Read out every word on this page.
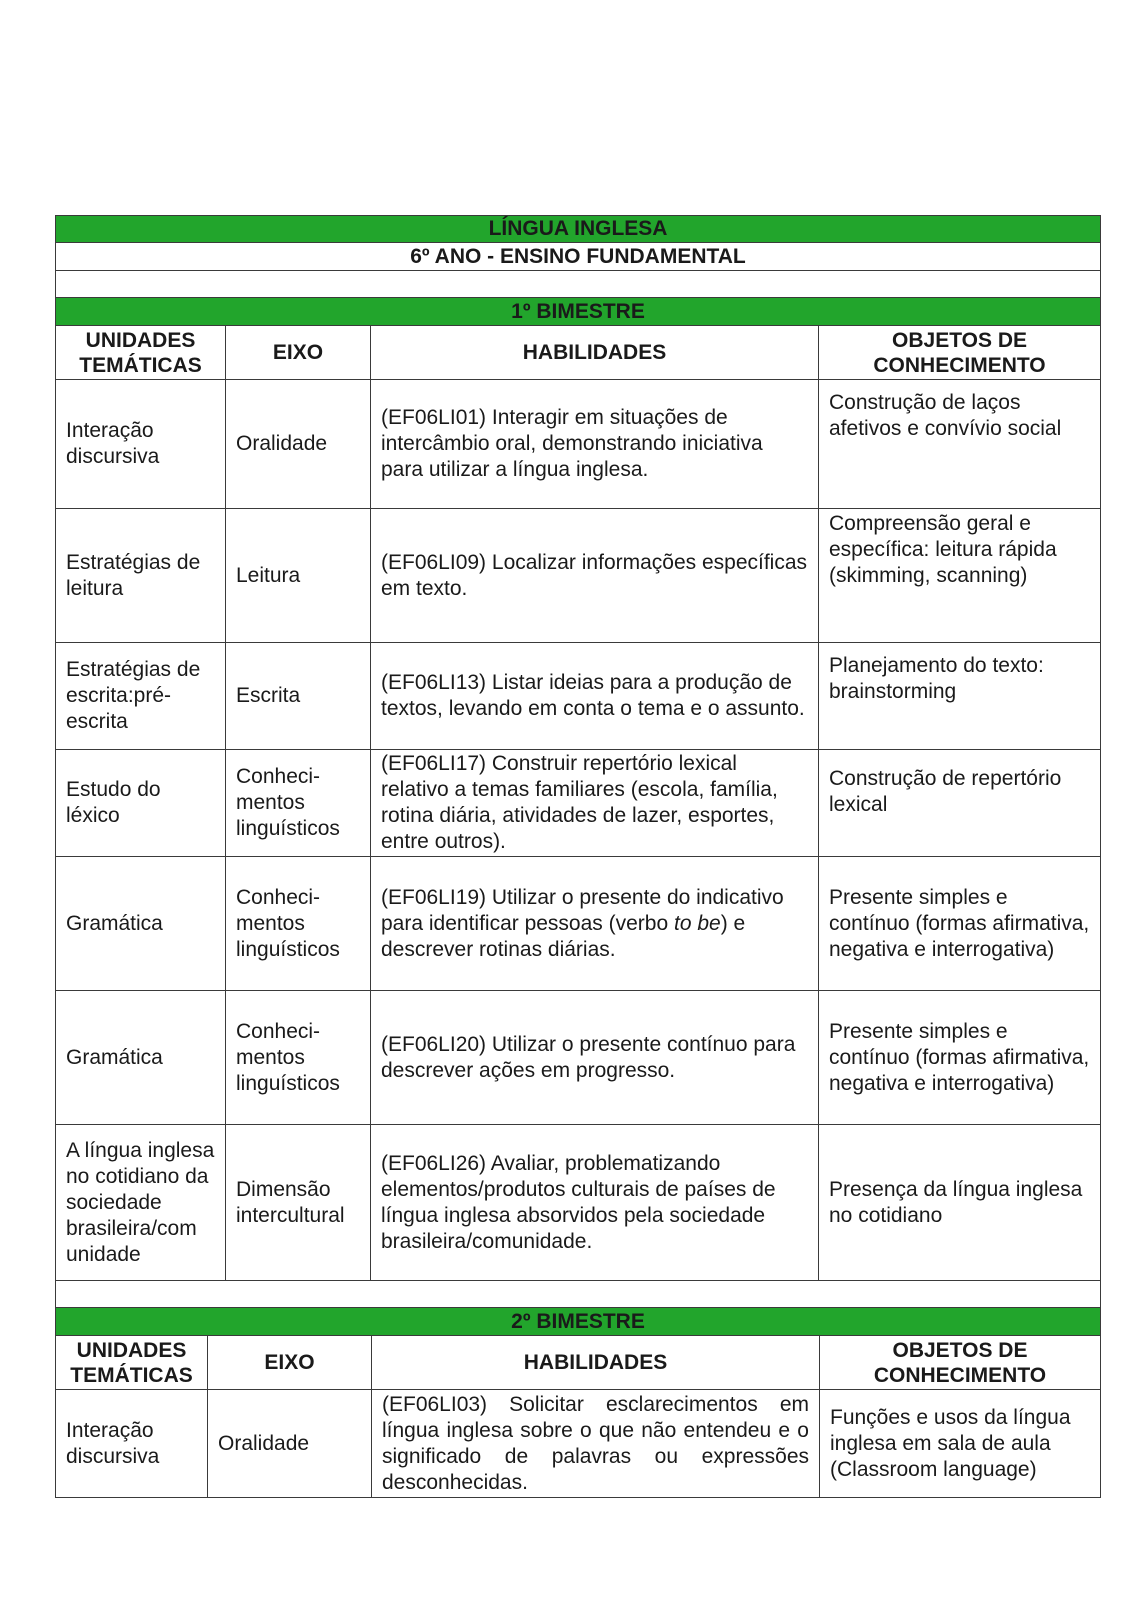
LÍNGUA INGLESA			
6º ANO - ENSINO FUNDAMENTAL			

1º BIMESTRE			
UNIDADES TEMÁTICAS	EIXO	HABILIDADES	OBJETOS DE CONHECIMENTO
Interação discursiva	Oralidade	(EF06LI01) Interagir em situações de intercâmbio oral, demonstrando iniciativa para utilizar a língua inglesa.	Construção de laços afetivos e convívio social
Estratégias de leitura	Leitura	(EF06LI09) Localizar informações específicas em texto.	Compreensão geral e específica: leitura rápida (skimming, scanning)
Estratégias de escrita:pré-escrita	Escrita	(EF06LI13) Listar ideias para a produção de textos, levando em conta o tema e o assunto.	Planejamento do texto: brainstorming
Estudo do léxico	Conheci-mentos linguísticos	(EF06LI17) Construir repertório lexical relativo a temas familiares (escola, família, rotina diária, atividades de lazer, esportes, entre outros).	Construção de repertório lexical
Gramática	Conheci-mentos linguísticos	(EF06LI19) Utilizar o presente do indicativo para identificar pessoas (verbo to be) e descrever rotinas diárias.	Presente simples e contínuo (formas afirmativa, negativa e interrogativa)
Gramática	Conheci-mentos linguísticos	(EF06LI20) Utilizar o presente contínuo para descrever ações em progresso.	Presente simples e contínuo (formas afirmativa, negativa e interrogativa)
A língua inglesa no cotidiano da sociedade brasileira/com unidade	Dimensão intercultural	(EF06LI26) Avaliar, problematizando elementos/produtos culturais de países de língua inglesa absorvidos pela sociedade brasileira/comunidade.	Presença da língua inglesa no cotidiano

2º BIMESTRE			
UNIDADES TEMÁTICAS	EIXO	HABILIDADES	OBJETOS DE CONHECIMENTO
Interação discursiva	Oralidade	(EF06LI03) Solicitar esclarecimentos em língua inglesa sobre o que não entendeu e o significado de palavras ou expressões desconhecidas.	Funções e usos da língua inglesa em sala de aula (Classroom language)
